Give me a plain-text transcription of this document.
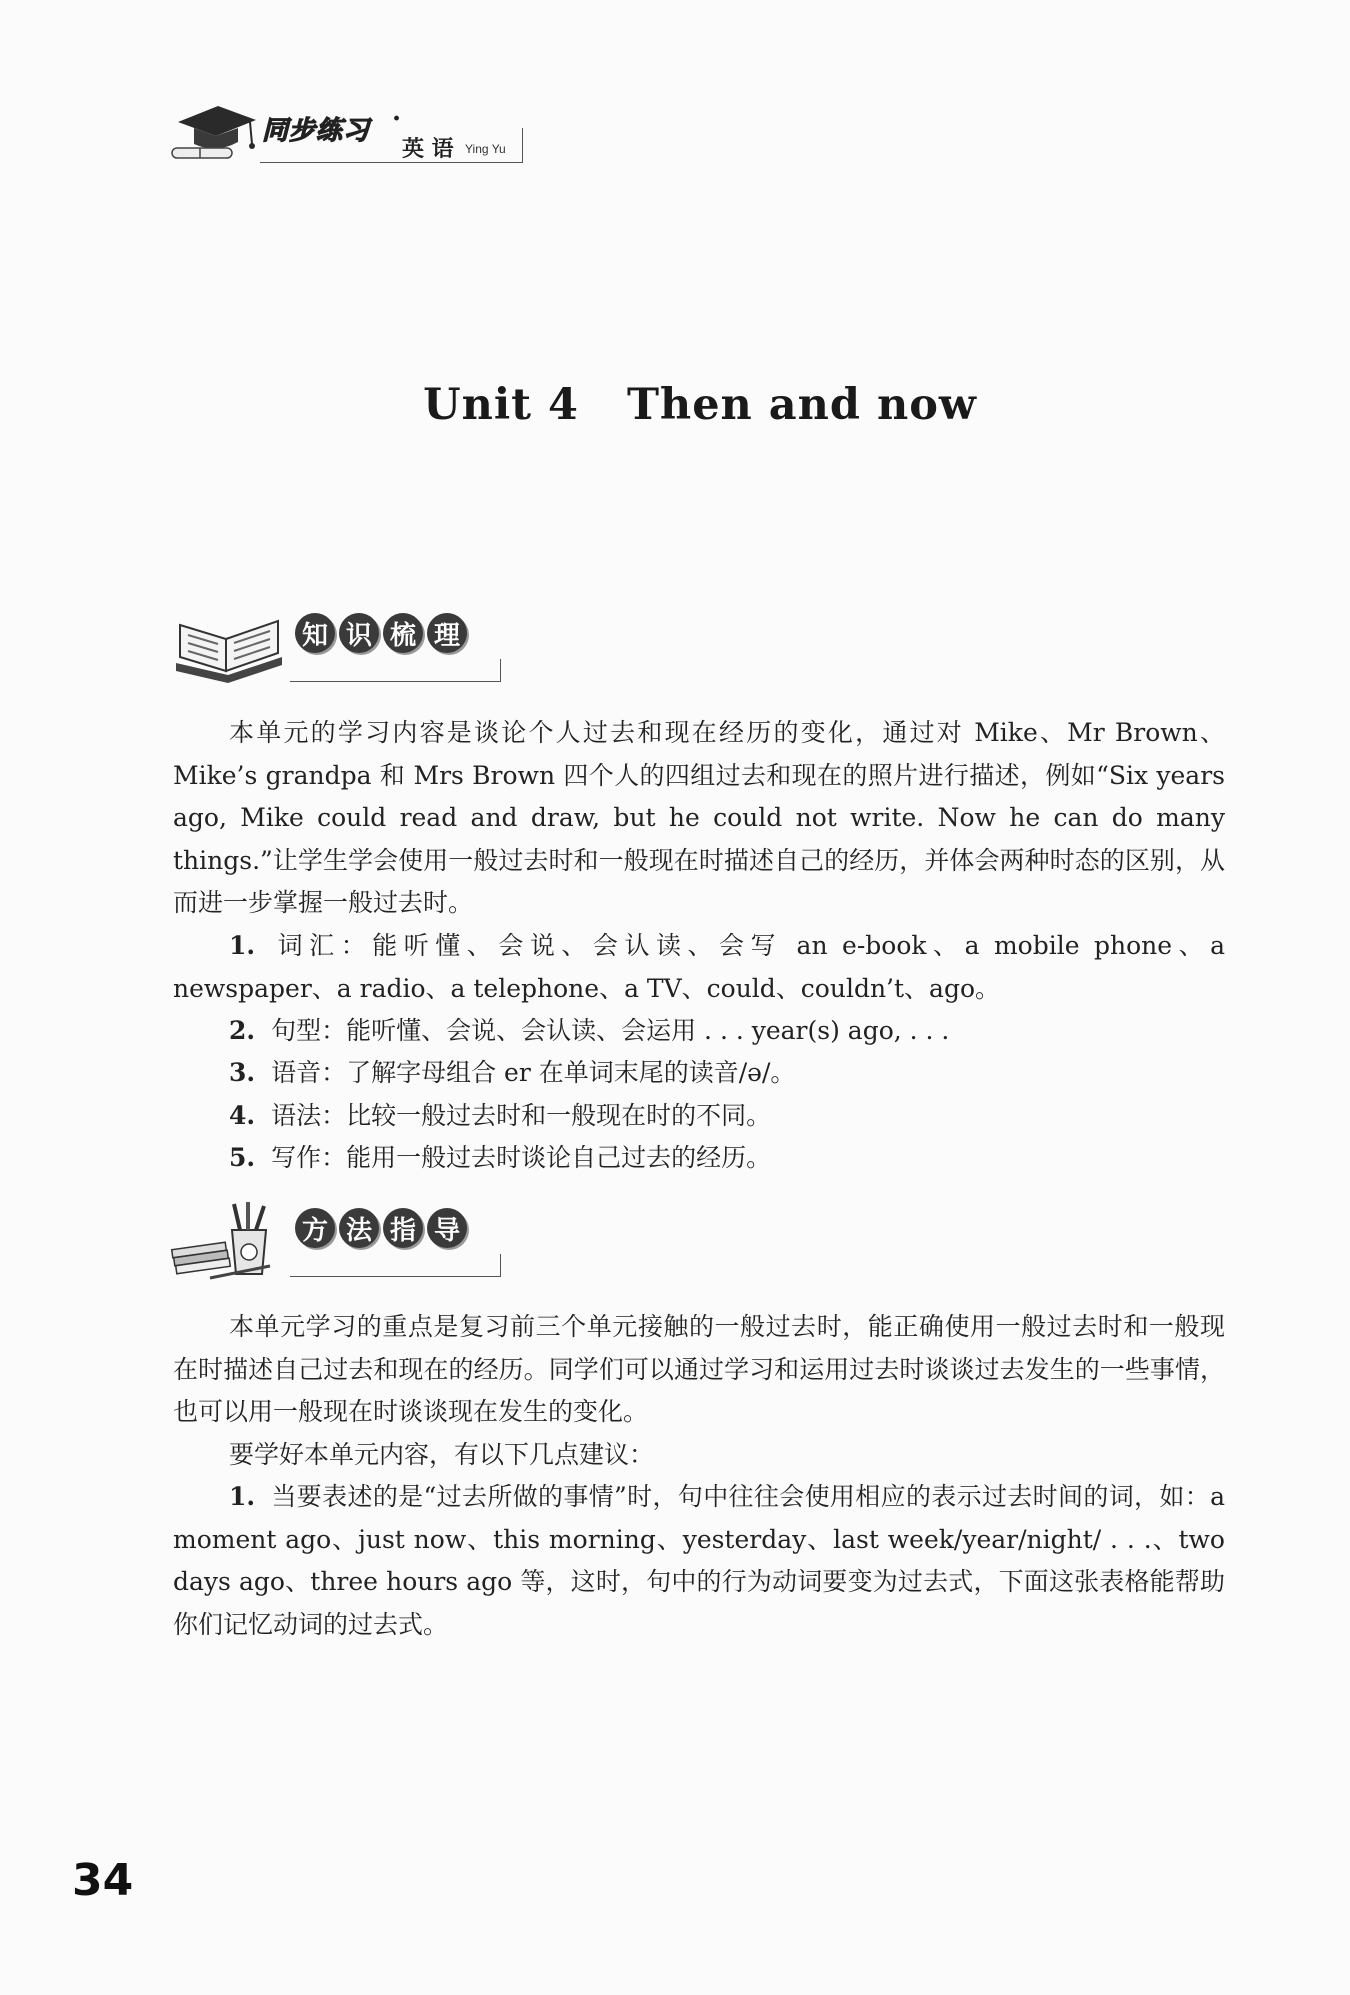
同步练习 ·
英 语 Ying Yu
Unit 4 Then and now
知 识 梳 理

本单元的学习内容是谈论个人过去和现在经历的变化，通过对 Mike、Mr Brown、Mike’s grandpa 和 Mrs Brown 四个人的四组过去和现在的照片进行描述，例如“Six years ago, Mike could read and draw, but he could not write. Now he can do many things.”让学生学会使用一般过去时和一般现在时描述自己的经历，并体会两种时态的区别，从而进一步掌握一般过去时。

1. 词汇：能听懂、会说、会认读、会写 an e-book、a mobile phone、a newspaper、a radio、a telephone、a TV、could、couldn’t、ago。

2. 句型：能听懂、会说、会认读、会运用 . . . year(s) ago, . . .

3. 语音：了解字母组合 er 在单词末尾的读音/ə/。

4. 语法：比较一般过去时和一般现在时的不同。

5. 写作：能用一般过去时谈论自己过去的经历。

方 法 指 导

本单元学习的重点是复习前三个单元接触的一般过去时，能正确使用一般过去时和一般现在时描述自己过去和现在的经历。同学们可以通过学习和运用过去时谈谈过去发生的一些事情，也可以用一般现在时谈谈现在发生的变化。

要学好本单元内容，有以下几点建议：

1. 当要表述的是“过去所做的事情”时，句中往往会使用相应的表示过去时间的词，如：a moment ago、just now、this morning、yesterday、last week/year/night/ . . .、two days ago、three hours ago 等，这时，句中的行为动词要变为过去式，下面这张表格能帮助你们记忆动词的过去式。

34
